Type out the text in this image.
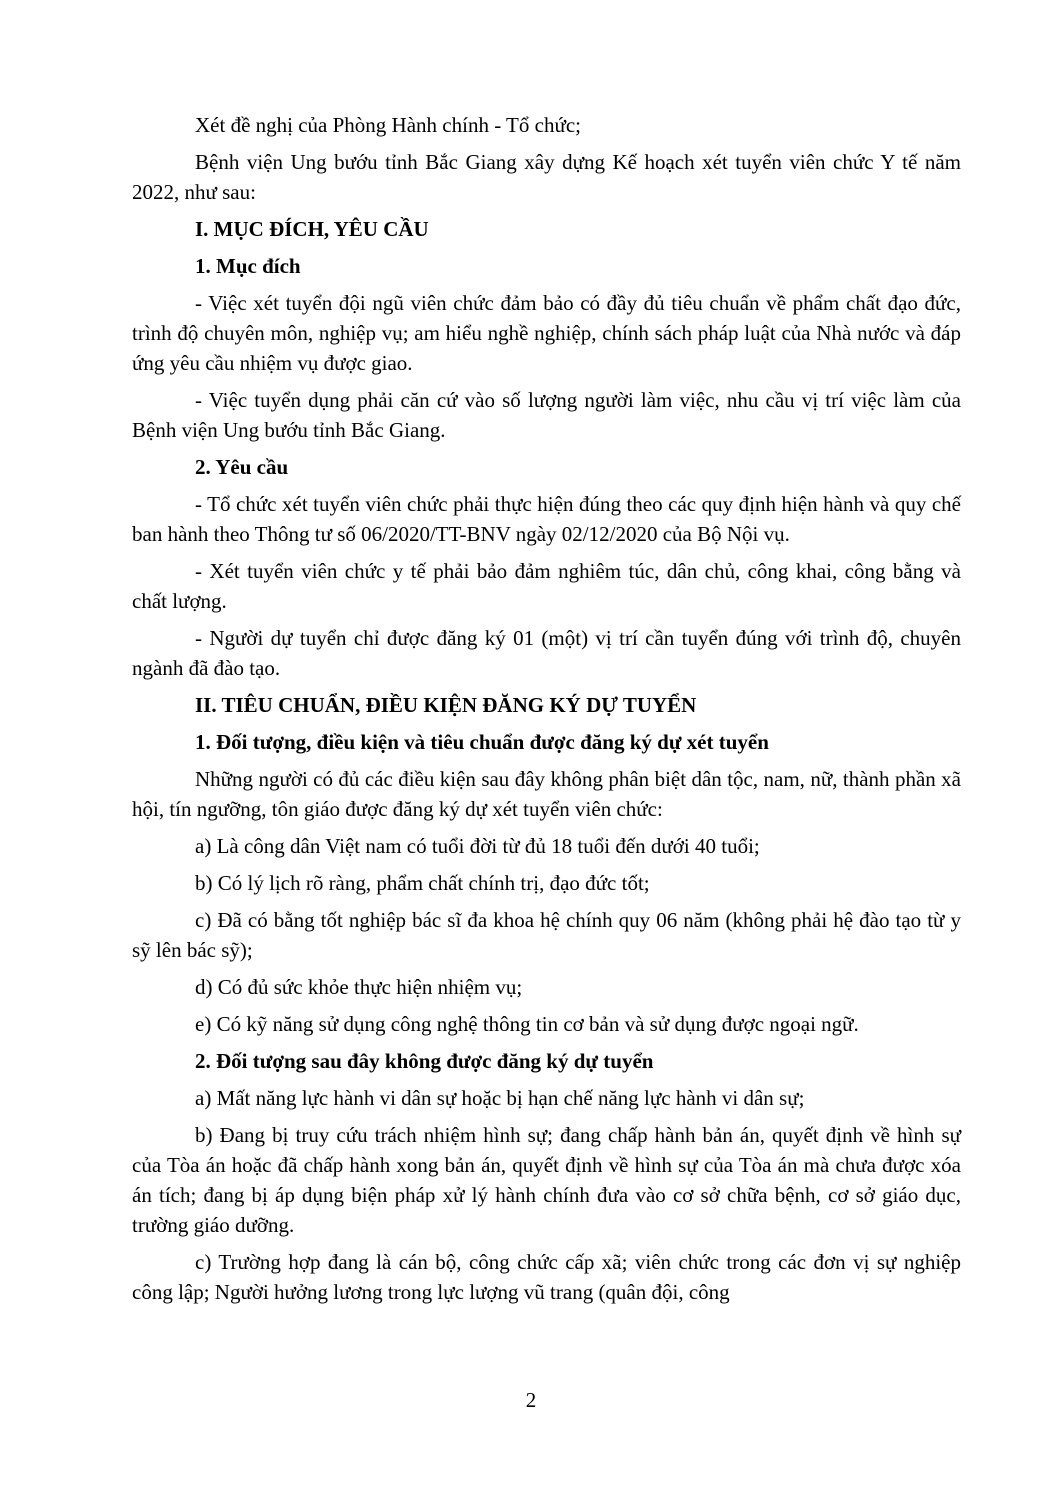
Xét đề nghị của Phòng Hành chính - Tổ chức;

Bệnh viện Ung bướu tỉnh Bắc Giang xây dựng Kế hoạch xét tuyển viên chức Y tế năm 2022, như sau:

I. MỤC ĐÍCH, YÊU CẦU

1. Mục đích

- Việc xét tuyển đội ngũ viên chức đảm bảo có đầy đủ tiêu chuẩn về phẩm chất đạo đức, trình độ chuyên môn, nghiệp vụ; am hiểu nghề nghiệp, chính sách pháp luật của Nhà nước và đáp ứng yêu cầu nhiệm vụ được giao.

- Việc tuyển dụng phải căn cứ vào số lượng người làm việc, nhu cầu vị trí việc làm của Bệnh viện Ung bướu tỉnh Bắc Giang.

2. Yêu cầu

- Tổ chức xét tuyển viên chức phải thực hiện đúng theo các quy định hiện hành và quy chế ban hành theo Thông tư số 06/2020/TT-BNV ngày 02/12/2020 của Bộ Nội vụ.

- Xét tuyển viên chức y tế phải bảo đảm nghiêm túc, dân chủ, công khai, công bằng và chất lượng.

- Người dự tuyển chỉ được đăng ký 01 (một) vị trí cần tuyển đúng với trình độ, chuyên ngành đã đào tạo.

II. TIÊU CHUẨN, ĐIỀU KIỆN ĐĂNG KÝ DỰ TUYỂN

1. Đối tượng, điều kiện và tiêu chuẩn được đăng ký dự xét tuyển

Những người có đủ các điều kiện sau đây không phân biệt dân tộc, nam, nữ, thành phần xã hội, tín ngưỡng, tôn giáo được đăng ký dự xét tuyển viên chức:

a) Là công dân Việt nam có tuổi đời từ đủ 18 tuổi đến dưới 40 tuổi;

b) Có lý lịch rõ ràng, phẩm chất chính trị, đạo đức tốt;

c) Đã có bằng tốt nghiệp bác sĩ đa khoa hệ chính quy 06 năm (không phải hệ đào tạo từ y sỹ lên bác sỹ);

d) Có đủ sức khỏe thực hiện nhiệm vụ;

e) Có kỹ năng sử dụng công nghệ thông tin cơ bản và sử dụng được ngoại ngữ.

2. Đối tượng sau đây không được đăng ký dự tuyển

a) Mất năng lực hành vi dân sự hoặc bị hạn chế năng lực hành vi dân sự;

b) Đang bị truy cứu trách nhiệm hình sự; đang chấp hành bản án, quyết định về hình sự của Tòa án hoặc đã chấp hành xong bản án, quyết định về hình sự của Tòa án mà chưa được xóa án tích; đang bị áp dụng biện pháp xử lý hành chính đưa vào cơ sở chữa bệnh, cơ sở giáo dục, trường giáo dưỡng.

c) Trường hợp đang là cán bộ, công chức cấp xã; viên chức trong các đơn vị sự nghiệp công lập; Người hưởng lương trong lực lượng vũ trang (quân đội, công

2
